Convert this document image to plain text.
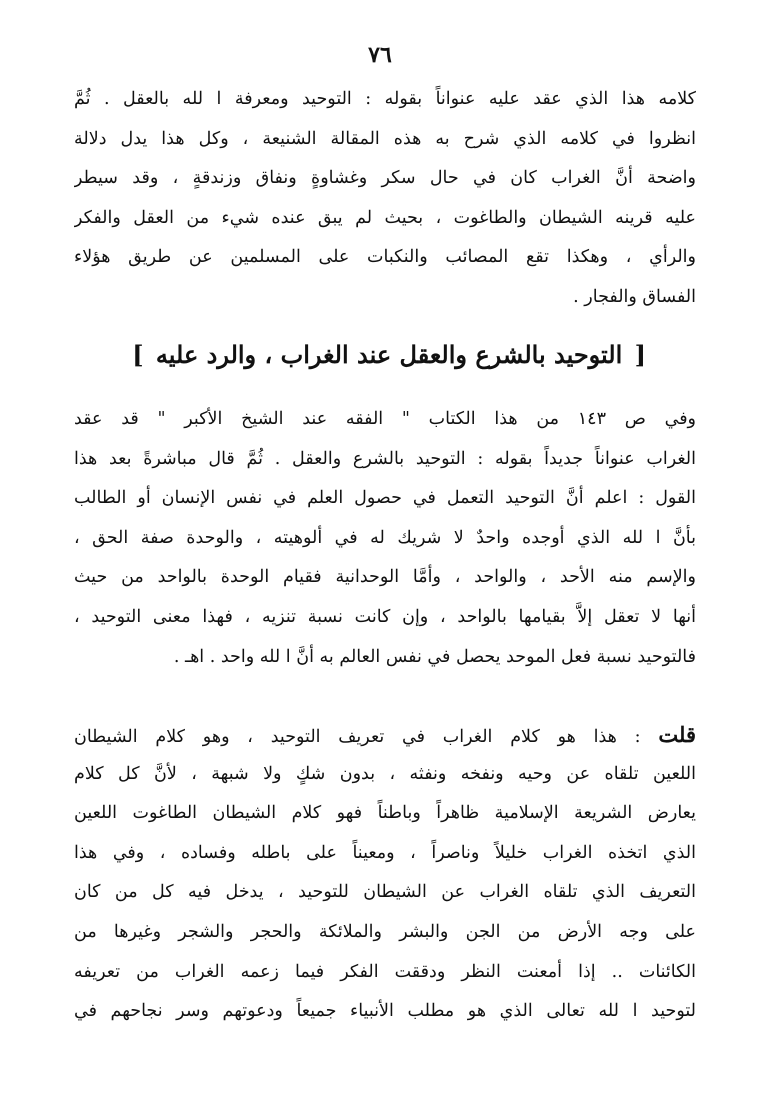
٧٦
كلامه هذا الذي عقد عليه عنواناً بقوله : التوحيد ومعرفة ا لله بالعقل . ثُمَّ
انظروا في كلامه الذي شرح به هذه المقالة الشنيعة ، وكل هذا يدل دلالة
واضحة أنَّ الغراب كان في حال سكر وغشاوةٍ ونفاق وزندقةٍ ، وقد سيطر
عليه قرينه الشيطان والطاغوت ، بحيث لم يبق عنده شيء من العقل والفكر
والرأي ، وهكذا تقع المصائب والنكبات على المسلمين عن طريق هؤلاء
الفساق والفجار .
[ التوحيد بالشرع والعقل عند الغراب ، والرد عليه ]
وفي ص ١٤٣ من هذا الكتاب " الفقه عند الشيخ الأكبر " قد عقد
الغراب عنواناً جديداً بقوله : التوحيد بالشرع والعقل . ثُمَّ قال مباشرةً بعد هذا
القول : اعلم أنَّ التوحيد التعمل في حصول العلم في نفس الإنسان أو الطالب
بأنَّ ا لله الذي أوجده واحدٌ لا شريك له في ألوهيته ، والوحدة صفة الحق ،
والإسم منه الأحد ، والواحد ، وأمَّا الوحدانية فقيام الوحدة بالواحد من حيث
أنها لا تعقل إلاَّ بقيامها بالواحد ، وإن كانت نسبة تنزيه ، فهذا معنى التوحيد ،
فالتوحيد نسبة فعل الموحد يحصل في نفس العالم به أنَّ ا لله واحد . اهـ .
قلت : هذا هو كلام الغراب في تعريف التوحيد ، وهو كلام الشيطان
اللعين تلقاه عن وحيه ونفخه ونفثه ، بدون شكٍ ولا شبهة ، لأنَّ كل كلام
يعارض الشريعة الإسلامية ظاهراً وباطناً فهو كلام الشيطان الطاغوت اللعين
الذي اتخذه الغراب خليلاً وناصراً ، ومعيناً على باطله وفساده ، وفي هذا
التعريف الذي تلقاه الغراب عن الشيطان للتوحيد ، يدخل فيه كل من كان
على وجه الأرض من الجن والبشر والملائكة والحجر والشجر وغيرها من
الكائنات .. إذا أمعنت النظر ودققت الفكر فيما زعمه الغراب من تعريفه
لتوحيد ا لله تعالى الذي هو مطلب الأنبياء جميعاً ودعوتهم وسر نجاحهم في
